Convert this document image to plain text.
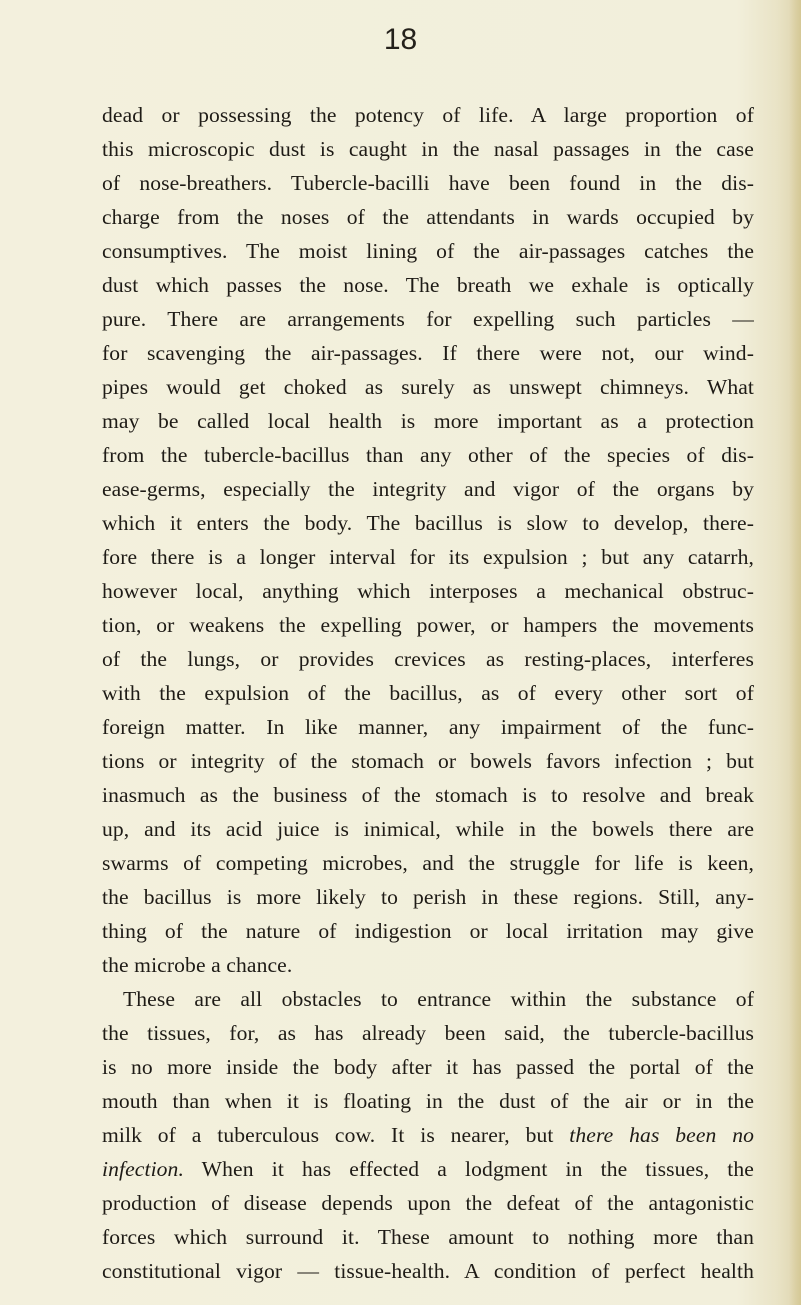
18
dead or possessing the potency of life. A large proportion of
this microscopic dust is caught in the nasal passages in the case
of nose-breathers. Tubercle-bacilli have been found in the dis-
charge from the noses of the attendants in wards occupied by
consumptives. The moist lining of the air-passages catches the
dust which passes the nose. The breath we exhale is optically
pure. There are arrangements for expelling such particles —
for scavenging the air-passages. If there were not, our wind-
pipes would get choked as surely as unswept chimneys. What
may be called local health is more important as a protection
from the tubercle-bacillus than any other of the species of dis-
ease-germs, especially the integrity and vigor of the organs by
which it enters the body. The bacillus is slow to develop, there-
fore there is a longer interval for its expulsion ; but any catarrh,
however local, anything which interposes a mechanical obstruc-
tion, or weakens the expelling power, or hampers the movements
of the lungs, or provides crevices as resting-places, interferes
with the expulsion of the bacillus, as of every other sort of
foreign matter. In like manner, any impairment of the func-
tions or integrity of the stomach or bowels favors infection ; but
inasmuch as the business of the stomach is to resolve and break
up, and its acid juice is inimical, while in the bowels there are
swarms of competing microbes, and the struggle for life is keen,
the bacillus is more likely to perish in these regions. Still, any-
thing of the nature of indigestion or local irritation may give
the microbe a chance.
These are all obstacles to entrance within the substance of
the tissues, for, as has already been said, the tubercle-bacillus
is no more inside the body after it has passed the portal of the
mouth than when it is floating in the dust of the air or in the
milk of a tuberculous cow. It is nearer, but there has been no
infection. When it has effected a lodgment in the tissues, the
production of disease depends upon the defeat of the antagonistic
forces which surround it. These amount to nothing more than
constitutional vigor — tissue-health. A condition of perfect health
